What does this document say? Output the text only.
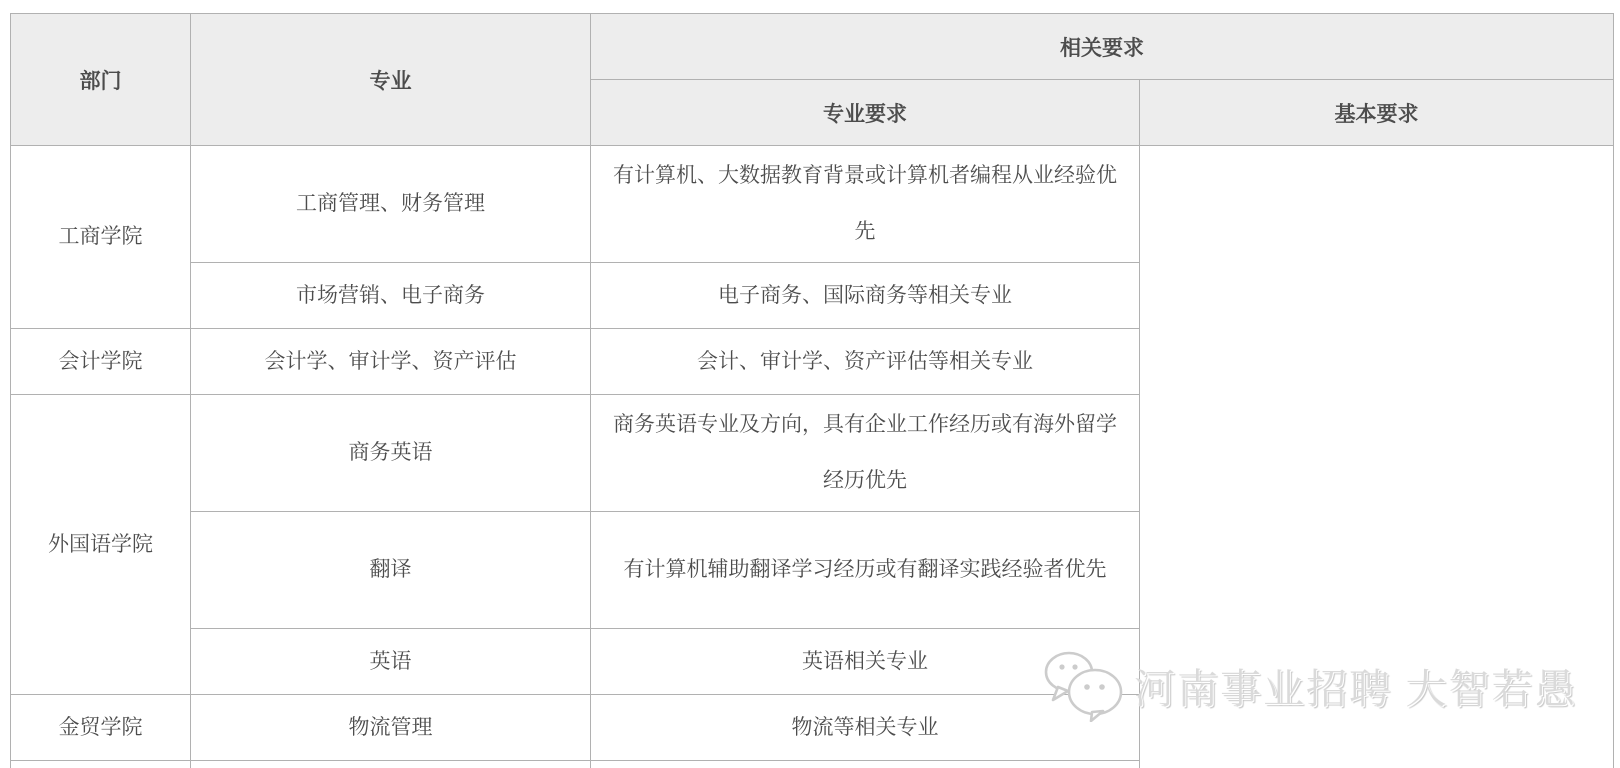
部门	专业	相关要求	
		专业要求	基本要求
工商学院	工商管理、财务管理	有计算机、大数据教育背景或计算机者编程从业经验优先	
	市场营销、电子商务	电子商务、国际商务等相关专业	
会计学院	会计学、审计学、资产评估	会计、审计学、资产评估等相关专业	
外国语学院	商务英语	商务英语专业及方向，具有企业工作经历或有海外留学经历优先	
	翻译	有计算机辅助翻译学习经历或有翻译实践经验者优先	
	英语	英语相关专业	
金贸学院	物流管理	物流等相关专业	

河南事业招聘 大智若愚
